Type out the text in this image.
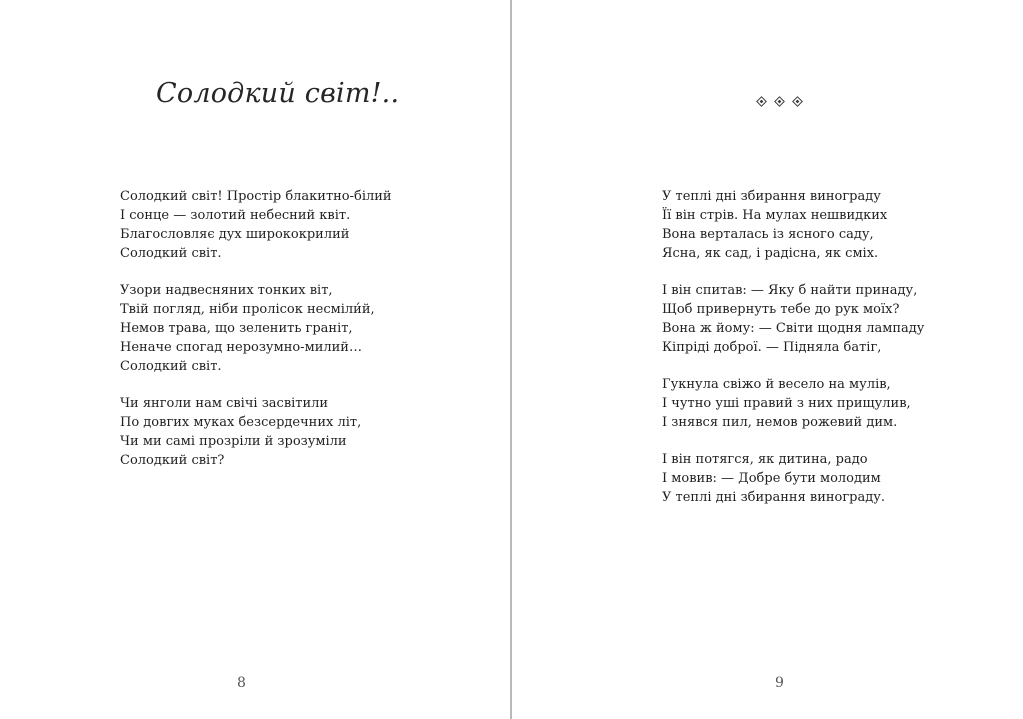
Солодкий світ!..
Солодкий світ! Простір блакитно-білий
І сонце — золотий небесний квіт.
Благословляє дух ширококрилий
Солодкий світ.
Узори надвесняних тонких віт,
Твій погляд, ніби пролісок несміли́й,
Немов трава, що зеленить граніт,
Неначе спогад нерозумно-милий…
Солодкий світ.
Чи янголи нам свічі засвітили
По довгих муках безсердечних літ,
Чи ми самі прозріли й зрозуміли
Солодкий світ?
8
У теплі дні збирання винограду
Її він стрів. На мулах нешвидких
Вона верталась із ясного саду,
Ясна, як сад, і радісна, як сміх.
І він спитав: — Яку б найти принаду,
Щоб привернуть тебе до рук моїх?
Вона ж йому: — Світи щодня лампаду
Кіпріді доброї. — Підняла батіг,
Гукнула свіжо й весело на мулів,
І чутно уші правий з них прищулив,
І знявся пил, немов рожевий дим.
І він потягся, як дитина, радо
І мовив: — Добре бути молодим
У теплі дні збирання винограду.
9
